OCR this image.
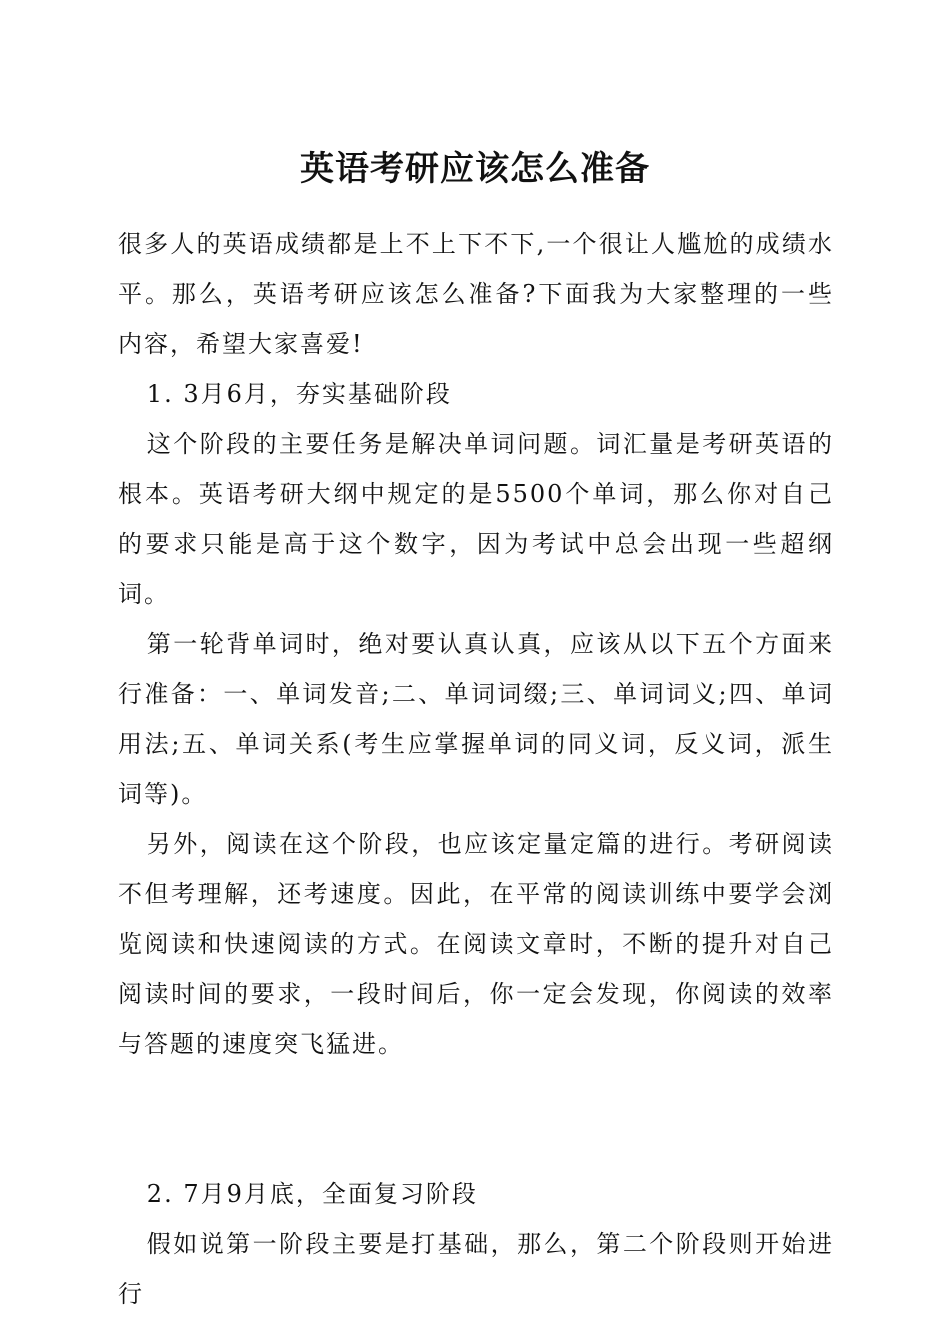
英语考研应该怎么准备

很多人的英语成绩都是上不上下不下,一个很让人尴尬的成绩水平。那么，英语考研应该怎么准备?下面我为大家整理的一些内容，希望大家喜爱!

1. 3月6月，夯实基础阶段

这个阶段的主要任务是解决单词问题。词汇量是考研英语的根本。英语考研大纲中规定的是5500个单词，那么你对自己的要求只能是高于这个数字，因为考试中总会出现一些超纲词。

第一轮背单词时，绝对要认真认真，应该从以下五个方面来行准备：一、单词发音;二、单词词缀;三、单词词义;四、单词用法;五、单词关系(考生应掌握单词的同义词，反义词，派生词等)。

另外，阅读在这个阶段，也应该定量定篇的进行。考研阅读不但考理解，还考速度。因此，在平常的阅读训练中要学会浏览阅读和快速阅读的方式。在阅读文章时，不断的提升对自己阅读时间的要求，一段时间后，你一定会发现，你阅读的效率与答题的速度突飞猛进。

2. 7月9月底，全面复习阶段

假如说第一阶段主要是打基础，那么，第二个阶段则开始进行
